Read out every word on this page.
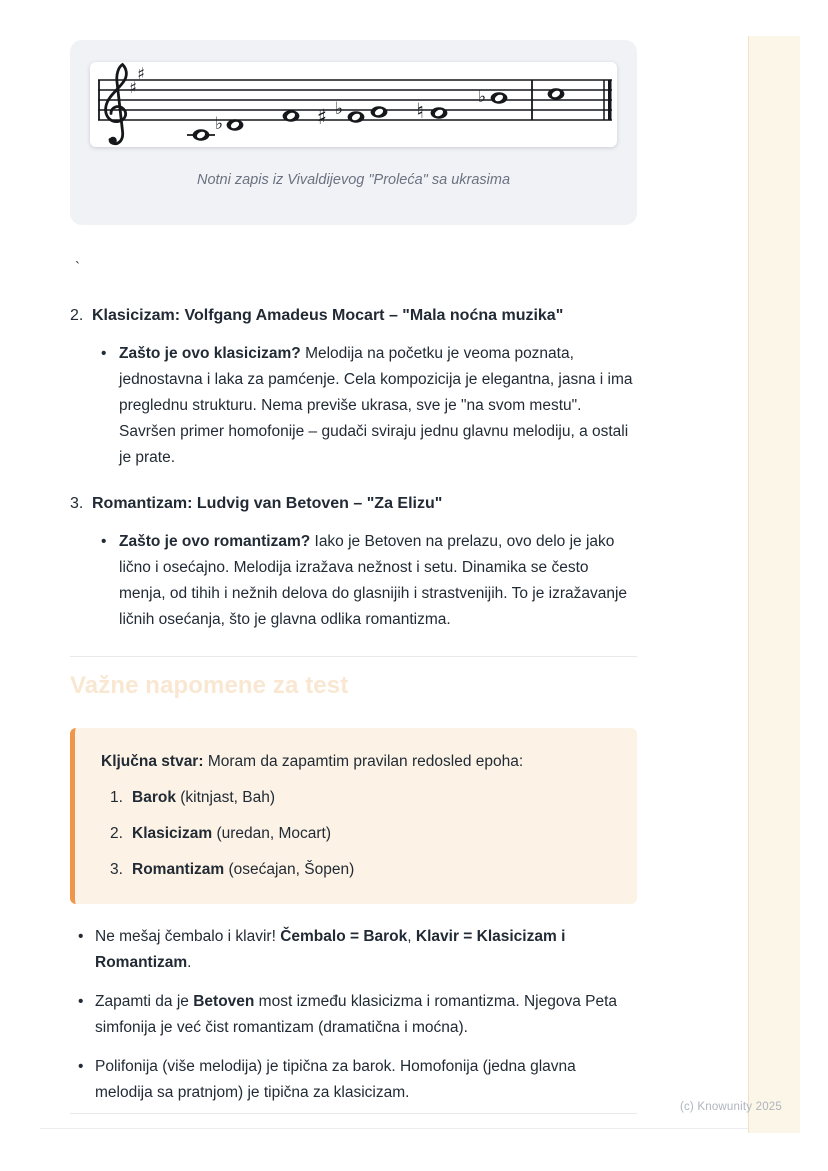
♯
♯
♭	♯ ♭	♮
♭
Notni zapis iz Vivaldijevog "Proleća" sa ukrasima
`
2. Klasicizam: Volfgang Amadeus Mocart – "Mala noćna muzika"
• Zašto je ovo klasicizam? Melodija na početku je veoma poznata, jednostavna i laka za pamćenje. Cela kompozicija je elegantna, jasna i ima preglednu strukturu. Nema previše ukrasa, sve je "na svom mestu". Savršen primer homofonije – gudači sviraju jednu glavnu melodiju, a ostali je prate.
3. Romantizam: Ludvig van Betoven – "Za Elizu"
• Zašto je ovo romantizam? Iako je Betoven na prelazu, ovo delo je jako lično i osećajno. Melodija izražava nežnost i setu. Dinamika se često menja, od tihih i nežnih delova do glasnijih i strastvenijih. To je izražavanje ličnih osećanja, što je glavna odlika romantizma.
Važne napomene za test
Ključna stvar: Moram da zapamtim pravilan redosled epoha:
1. Barok (kitnjast, Bah)
2. Klasicizam (uredan, Mocart)
3. Romantizam (osećajan, Šopen)
• Ne mešaj čembalo i klavir! Čembalo = Barok, Klavir = Klasicizam i Romantizam.
• Zapamti da je Betoven most između klasicizma i romantizma. Njegova Peta simfonija je već čist romantizam (dramatična i moćna).
• Polifonija (više melodija) je tipična za barok. Homofonija (jedna glavna melodija sa pratnjom) je tipična za klasicizam.
(c) Knowunity 2025
